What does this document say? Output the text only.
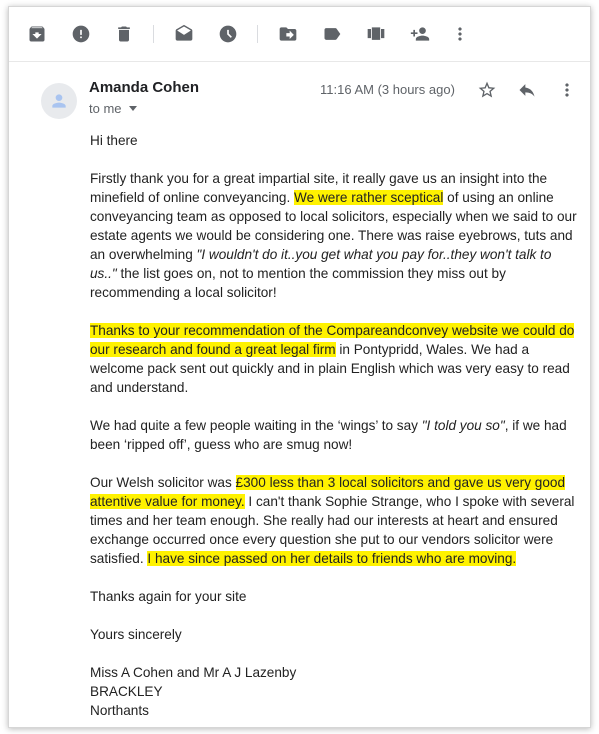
Amanda Cohen
to me
11:16 AM (3 hours ago)

Hi there

Firstly thank you for a great impartial site, it really gave us an insight into the minefield of online conveyancing. We were rather sceptical of using an online conveyancing team as opposed to local solicitors, especially when we said to our estate agents we would be considering one. There was raise eyebrows, tuts and an overwhelming "I wouldn't do it..you get what you pay for..they won't talk to us.." the list goes on, not to mention the commission they miss out by recommending a local solicitor!

Thanks to your recommendation of the Compareandconvey website we could do our research and found a great legal firm in Pontypridd, Wales. We had a welcome pack sent out quickly and in plain English which was very easy to read and understand.

We had quite a few people waiting in the ‘wings’ to say "I told you so", if we had been ‘ripped off’, guess who are smug now!

Our Welsh solicitor was £300 less than 3 local solicitors and gave us very good attentive value for money. I can't thank Sophie Strange, who I spoke with several times and her team enough. She really had our interests at heart and ensured exchange occurred once every question she put to our vendors solicitor were satisfied. I have since passed on her details to friends who are moving.

Thanks again for your site

Yours sincerely

Miss A Cohen and Mr A J Lazenby
BRACKLEY
Northants
